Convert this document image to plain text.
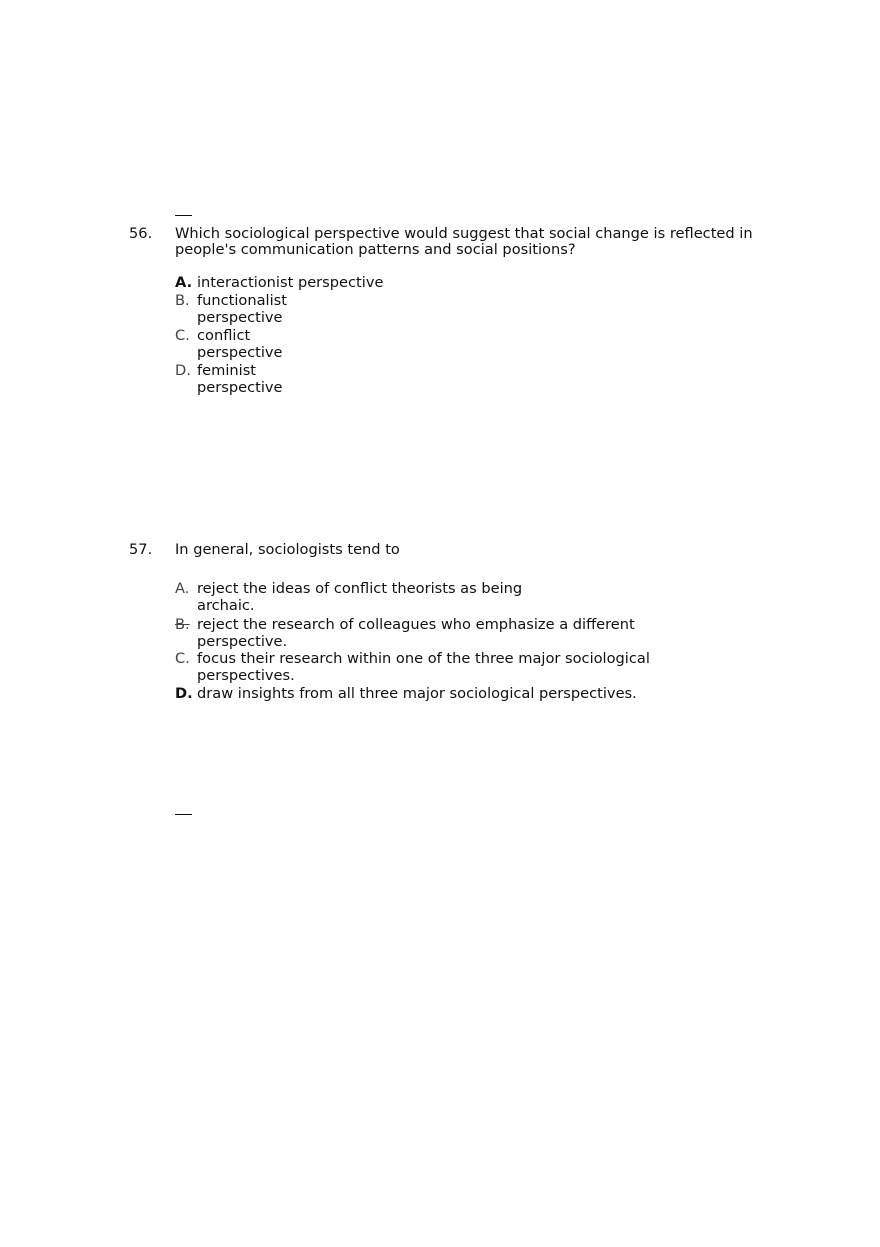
56. Which sociological perspective would suggest that social change is reflected in
people's communication patterns and social positions?
A. interactionist perspective
B. functionalist
perspective
C. conflict
perspective
D. feminist
perspective
57. In general, sociologists tend to
A. reject the ideas of conflict theorists as being
archaic.
B. reject the research of colleagues who emphasize a different
perspective.
C. focus their research within one of the three major sociological
perspectives.
D. draw insights from all three major sociological perspectives.
